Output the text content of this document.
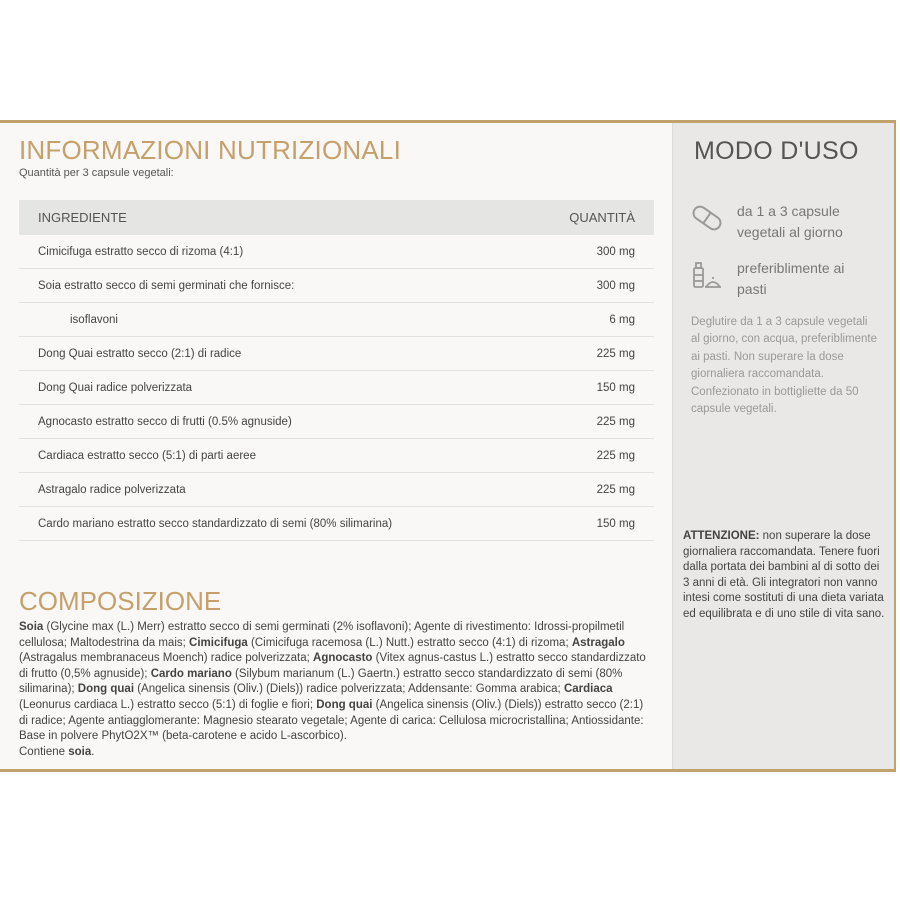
INFORMAZIONI NUTRIZIONALI
Quantità per 3 capsule vegetali:
INGREDIENTE	QUANTITÀ
Cimicifuga estratto secco di rizoma (4:1)	300 mg
Soia estratto secco di semi germinati che fornisce:	300 mg
isoflavoni	6 mg
Dong Quai estratto secco (2:1) di radice	225 mg
Dong Quai radice polverizzata	150 mg
Agnocasto estratto secco di frutti (0.5% agnuside)	225 mg
Cardiaca estratto secco (5:1) di parti aeree	225 mg
Astragalo radice polverizzata	225 mg
Cardo mariano estratto secco standardizzato di semi (80% silimarina)	150 mg
COMPOSIZIONE

Soia (Glycine max (L.) Merr) estratto secco di semi germinati (2% isoflavoni); Agente di rivestimento: Idrossi-propilmetil cellulosa; Maltodestrina da mais; Cimicifuga (Cimicifuga racemosa (L.) Nutt.) estratto secco (4:1) di rizoma; Astragalo (Astragalus membranaceus Moench) radice polverizzata; Agnocasto (Vitex agnus-castus L.) estratto secco standardizzato di frutto (0,5% agnuside); Cardo mariano (Silybum marianum (L.) Gaertn.) estratto secco standardizzato di semi (80% silimarina); Dong quai (Angelica sinensis (Oliv.) (Diels)) radice polverizzata; Addensante: Gomma arabica; Cardiaca (Leonurus cardiaca L.) estratto secco (5:1) di foglie e fiori; Dong quai (Angelica sinensis (Oliv.) (Diels)) estratto secco (2:1) di radice; Agente antiagglomerante: Magnesio stearato vegetale; Agente di carica: Cellulosa microcristallina; Antiossidante: Base in polvere PhytO2X™ (beta-carotene e acido L-ascorbico).

Contiene soia.

MODO D'USO
da 1 a 3 capsule vegetali al giorno
preferiblimente ai pasti
Deglutire da 1 a 3 capsule vegetali al giorno, con acqua, preferiblimente ai pasti. Non superare la dose giornaliera raccomandata. Confezionato in bottigliette da 50 capsule vegetali.
ATTENZIONE: non superare la dose giornaliera raccomandata. Tenere fuori dalla portata dei bambini al di sotto dei 3 anni di età. Gli integratori non vanno intesi come sostituti di una dieta variata ed equilibrata e di uno stile di vita sano.
